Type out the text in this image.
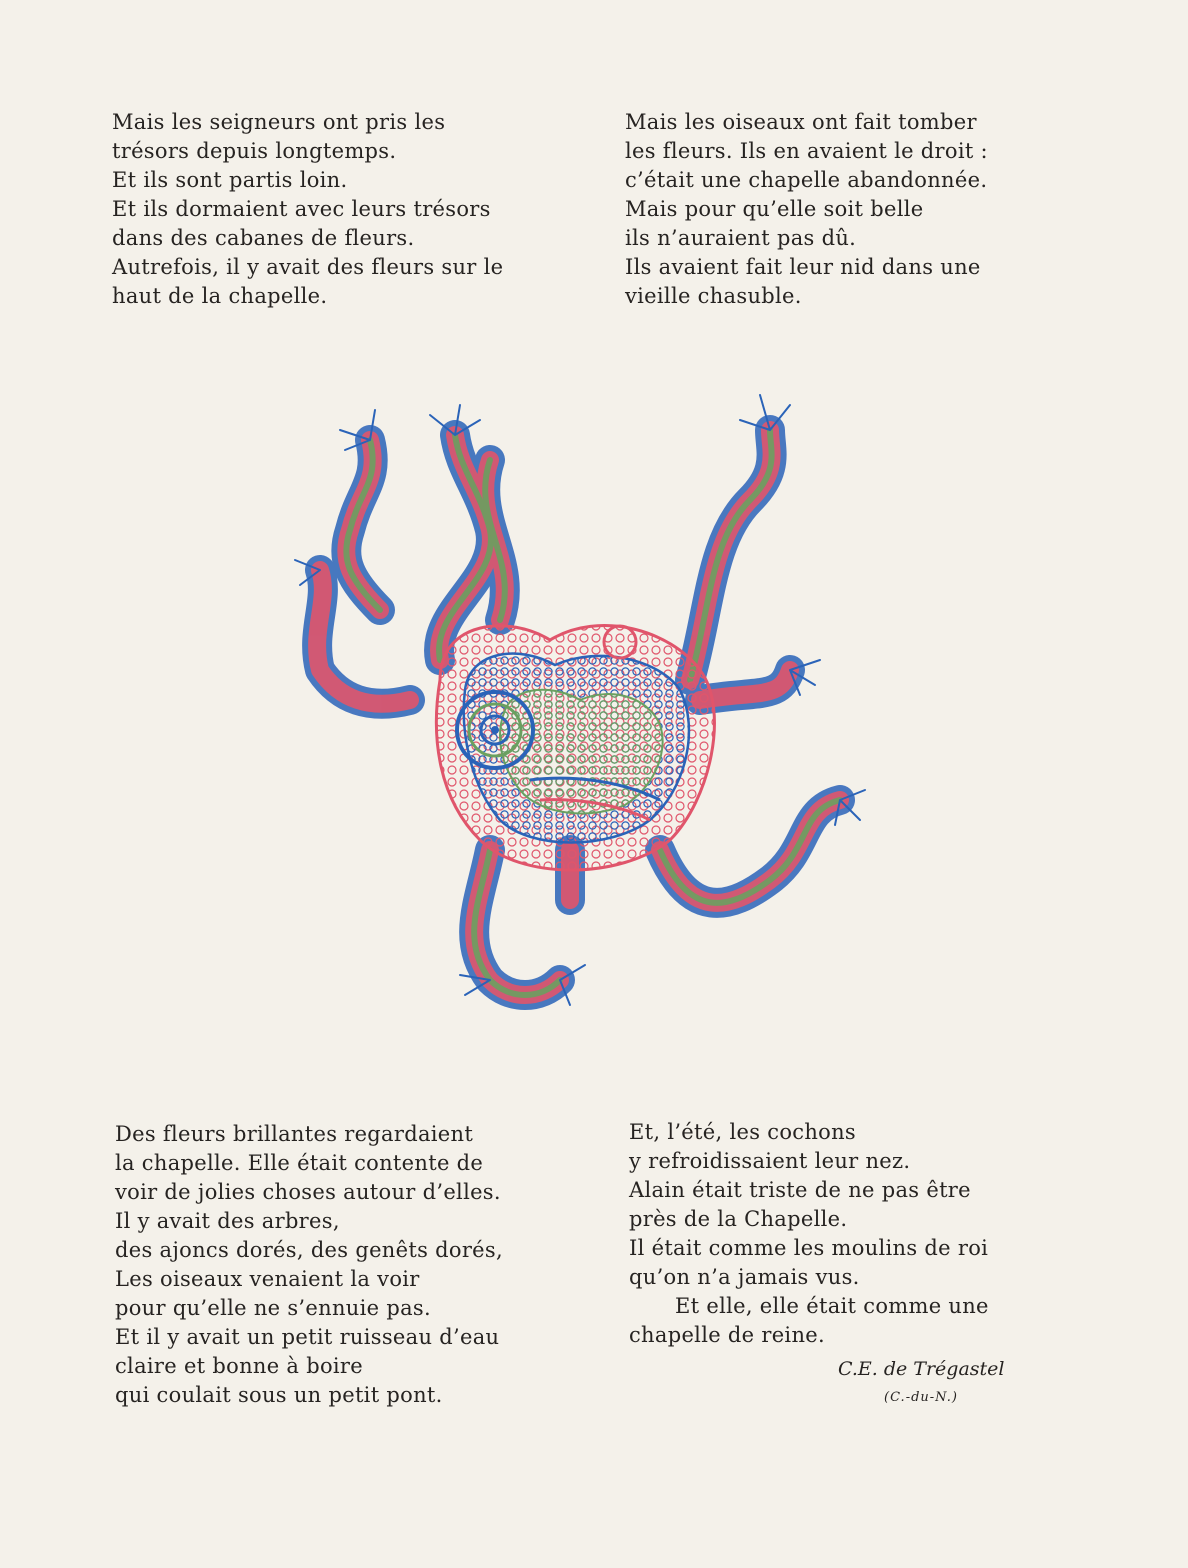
Mais les seigneurs ont pris les
trésors depuis longtemps.
Et ils sont partis loin.
Et ils dormaient avec leurs trésors
dans des cabanes de fleurs.
Autrefois, il y avait des fleurs sur le
haut de la chapelle.
Mais les oiseaux ont fait tomber
les fleurs. Ils en avaient le droit :
c’était une chapelle abandonnée.
Mais pour qu’elle soit belle
ils n’auraient pas dû.
Ils avaient fait leur nid dans une
vieille chasuble.
Des fleurs brillantes regardaient
la chapelle. Elle était contente de
voir de jolies choses autour d’elles.
Il y avait des arbres,
des ajoncs dorés, des genêts dorés,
Les oiseaux venaient la voir
pour qu’elle ne s’ennuie pas.
Et il y avait un petit ruisseau d’eau
claire et bonne à boire
qui coulait sous un petit pont.
Et, l’été, les cochons
y refroidissaient leur nez.
Alain était triste de ne pas être
près de la Chapelle.
Il était comme les moulins de roi
qu’on n’a jamais vus.
Et elle, elle était comme une
chapelle de reine.
C.E. de Trégastel
(C.-du-N.)
